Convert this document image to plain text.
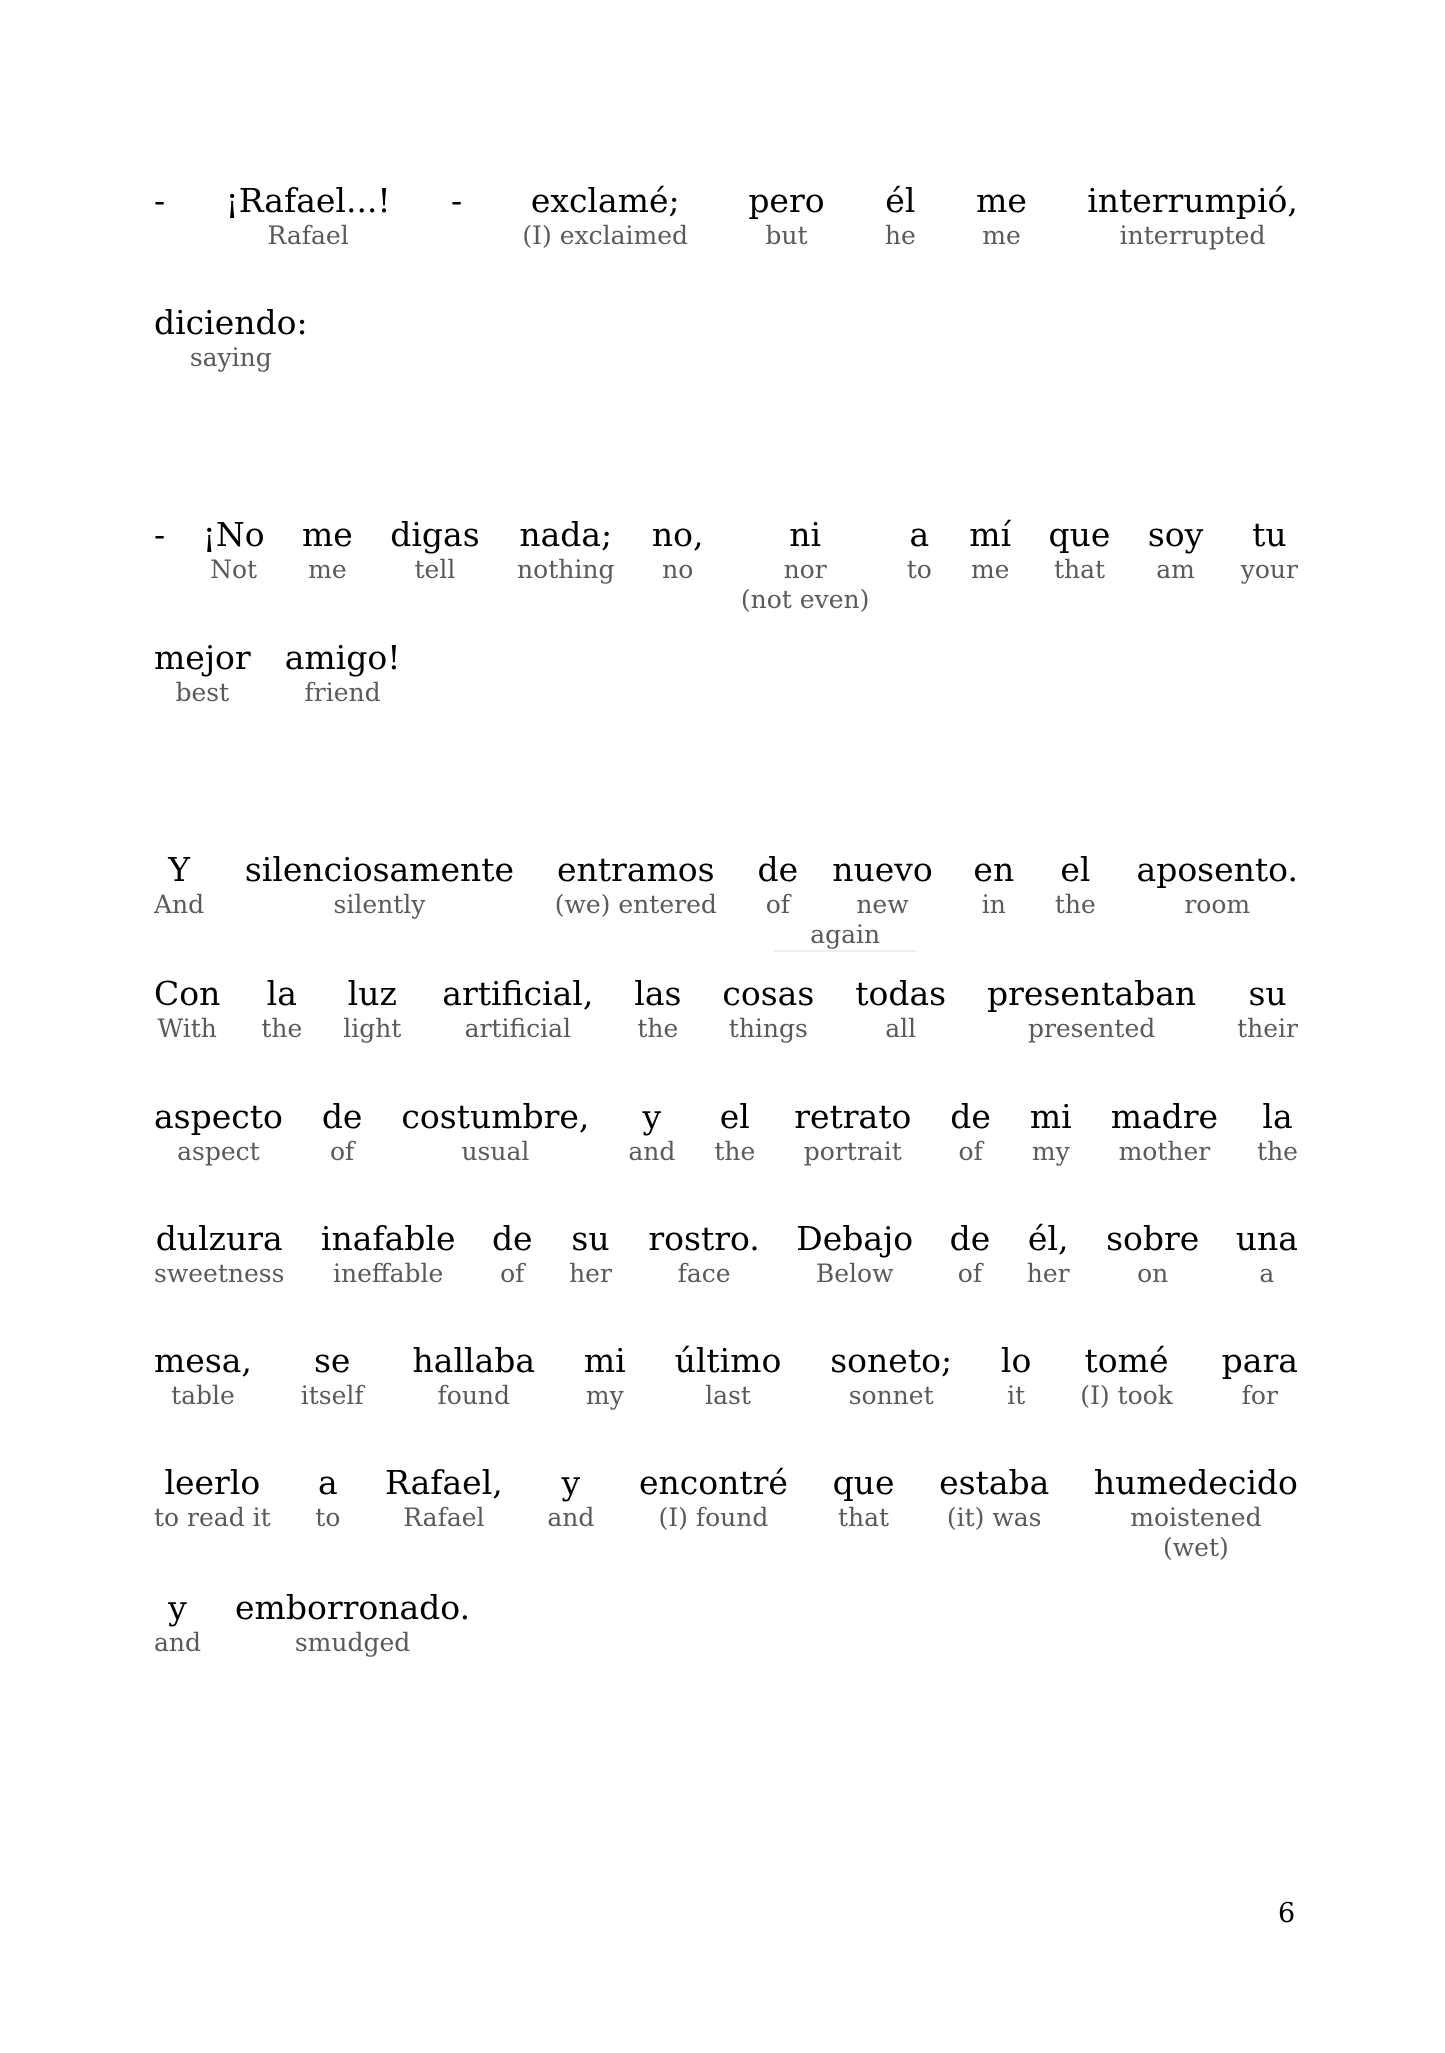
-
¡Rafael...!
Rafael
-
exclamé;
(I) exclaimed
pero
but
él
he
me
me
interrumpió,
interrupted
diciendo:
saying
-
¡No
Not
me
me
digas
tell
nada;
nothing
no,
no
ni
nor
(not even)
a
to
mí
me
que
that
soy
am
tu
your
mejor
best
amigo!
friend
Y
And
silenciosamente
silently
entramos
(we) entered
de
of
nuevo
new
again
en
in
el
the
aposento.
room
Con
With
la
the
luz
light
artificial,
artificial
las
the
cosas
things
todas
all
presentaban
presented
su
their
aspecto
aspect
de
of
costumbre,
usual
y
and
el
the
retrato
portrait
de
of
mi
my
madre
mother
la
the
dulzura
sweetness
inafable
ineffable
de
of
su
her
rostro.
face
Debajo
Below
de
of
él,
her
sobre
on
una
a
mesa,
table
se
itself
hallaba
found
mi
my
último
last
soneto;
sonnet
lo
it
tomé
(I) took
para
for
leerlo
to read it
a
to
Rafael,
Rafael
y
and
encontré
(I) found
que
that
estaba
(it) was
humedecido
moistened
(wet)
y
and
emborronado.
smudged
6
